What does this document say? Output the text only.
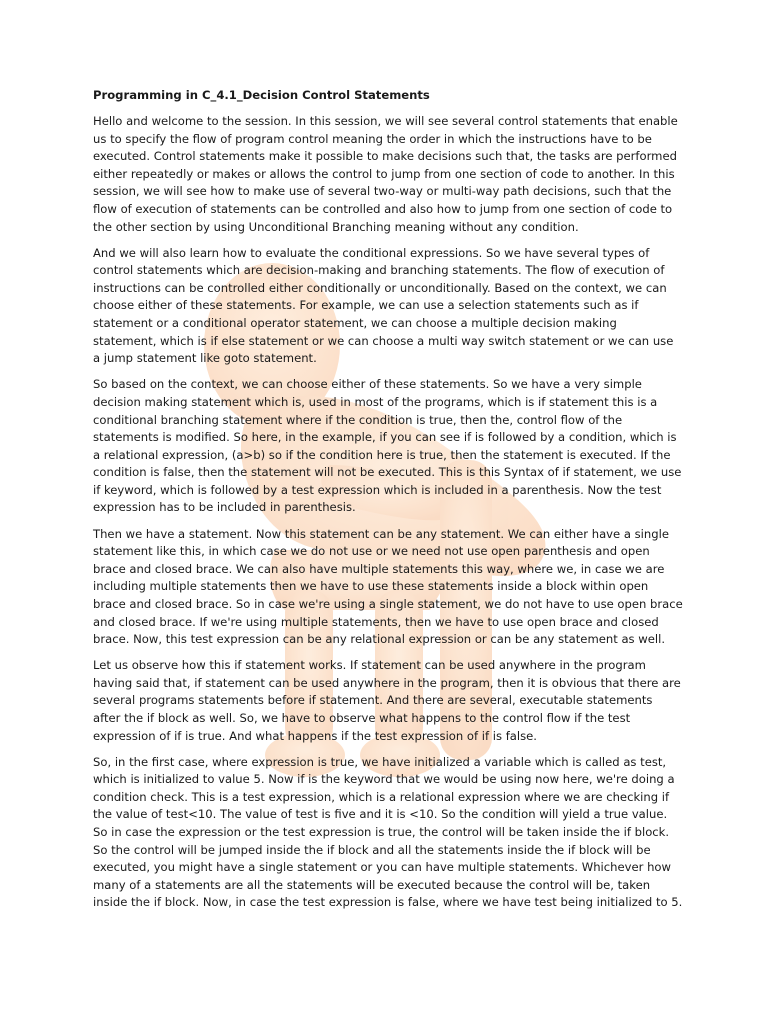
Programming in C_4.1_Decision Control Statements

Hello and welcome to the session. In this session, we will see several control statements that enable us to specify the flow of program control meaning the order in which the instructions have to be executed. Control statements make it possible to make decisions such that, the tasks are performed either repeatedly or makes or allows the control to jump from one section of code to another. In this session, we will see how to make use of several two-way or multi-way path decisions, such that the flow of execution of statements can be controlled and also how to jump from one section of code to the other section by using Unconditional Branching meaning without any condition.

And we will also learn how to evaluate the conditional expressions. So we have several types of control statements which are decision-making and branching statements. The flow of execution of instructions can be controlled either conditionally or unconditionally. Based on the context, we can choose either of these statements. For example, we can use a selection statements such as if statement or a conditional operator statement, we can choose a multiple decision making statement, which is if else statement or we can choose a multi way switch statement or we can use a jump statement like goto statement.

So based on the context, we can choose either of these statements. So we have a very simple decision making statement which is, used in most of the programs, which is if statement this is a conditional branching statement where if the condition is true, then the, control flow of the statements is modified. So here, in the example, if you can see if is followed by a condition, which is a relational expression, (a>b) so if the condition here is true, then the statement is executed. If the condition is false, then the statement will not be executed. This is this Syntax of if statement, we use if keyword, which is followed by a test expression which is included in a parenthesis. Now the test expression has to be included in parenthesis.

Then we have a statement. Now this statement can be any statement. We can either have a single statement like this, in which case we do not use or we need not use open parenthesis and open brace and closed brace. We can also have multiple statements this way, where we, in case we are including multiple statements then we have to use these statements inside a block within open brace and closed brace. So in case we're using a single statement, we do not have to use open brace and closed brace. If we're using multiple statements, then we have to use open brace and closed brace. Now, this test expression can be any relational expression or can be any statement as well.

Let us observe how this if statement works. If statement can be used anywhere in the program having said that, if statement can be used anywhere in the program, then it is obvious that there are several programs statements before if statement. And there are several, executable statements after the if block as well. So, we have to observe what happens to the control flow if the test expression of if is true. And what happens if the test expression of if is false.

So, in the first case, where expression is true, we have initialized a variable which is called as test, which is initialized to value 5. Now if is the keyword that we would be using now here, we're doing a condition check. This is a test expression, which is a relational expression where we are checking if the value of test<10. The value of test is five and it is <10. So the condition will yield a true value. So in case the expression or the test expression is true, the control will be taken inside the if block. So the control will be jumped inside the if block and all the statements inside the if block will be executed, you might have a single statement or you can have multiple statements. Whichever how many of a statements are all the statements will be executed because the control will be, taken inside the if block. Now, in case the test expression is false, where we have test being initialized to 5.
